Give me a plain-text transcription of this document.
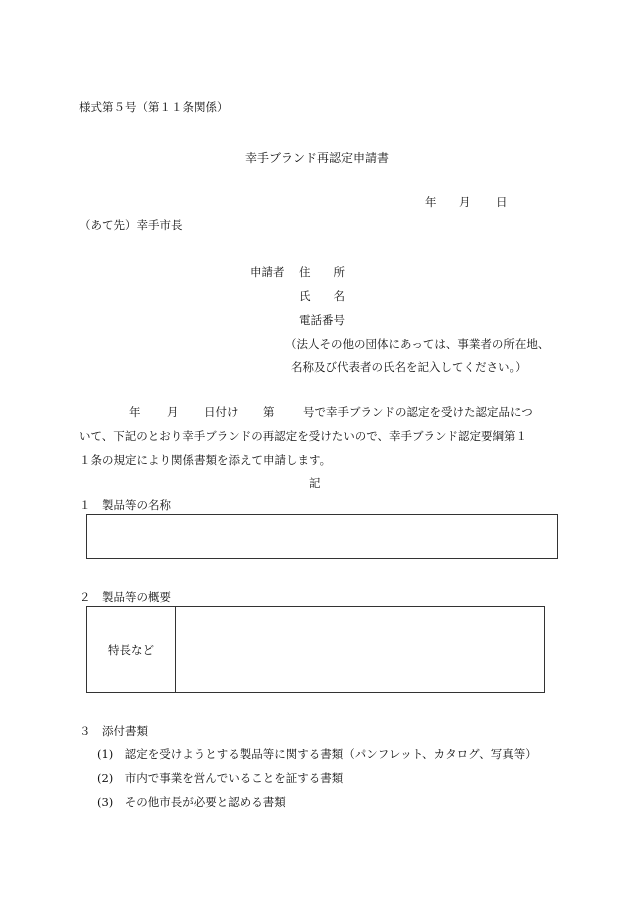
様式第５号（第１１条関係）
幸手ブランド再認定申請書
年 月 日
（あて先）幸手市長
申請者 住　　所
氏　　名
電話番号
（法人その他の団体にあっては、事業者の所在地、
名称及び代表者の氏名を記入してください。）
年 月 日付け 第 号で幸手ブランドの認定を受けた認定品につ
いて、下記のとおり幸手ブランドの再認定を受けたいので、幸手ブランド認定要綱第１
１条の規定により関係書類を添えて申請します。
記
１　製品等の名称
２　製品等の概要
特長など
３　添付書類
(1)　認定を受けようとする製品等に関する書類（パンフレット、カタログ、写真等）
(2)　市内で事業を営んでいることを証する書類
(3)　その他市長が必要と認める書類
